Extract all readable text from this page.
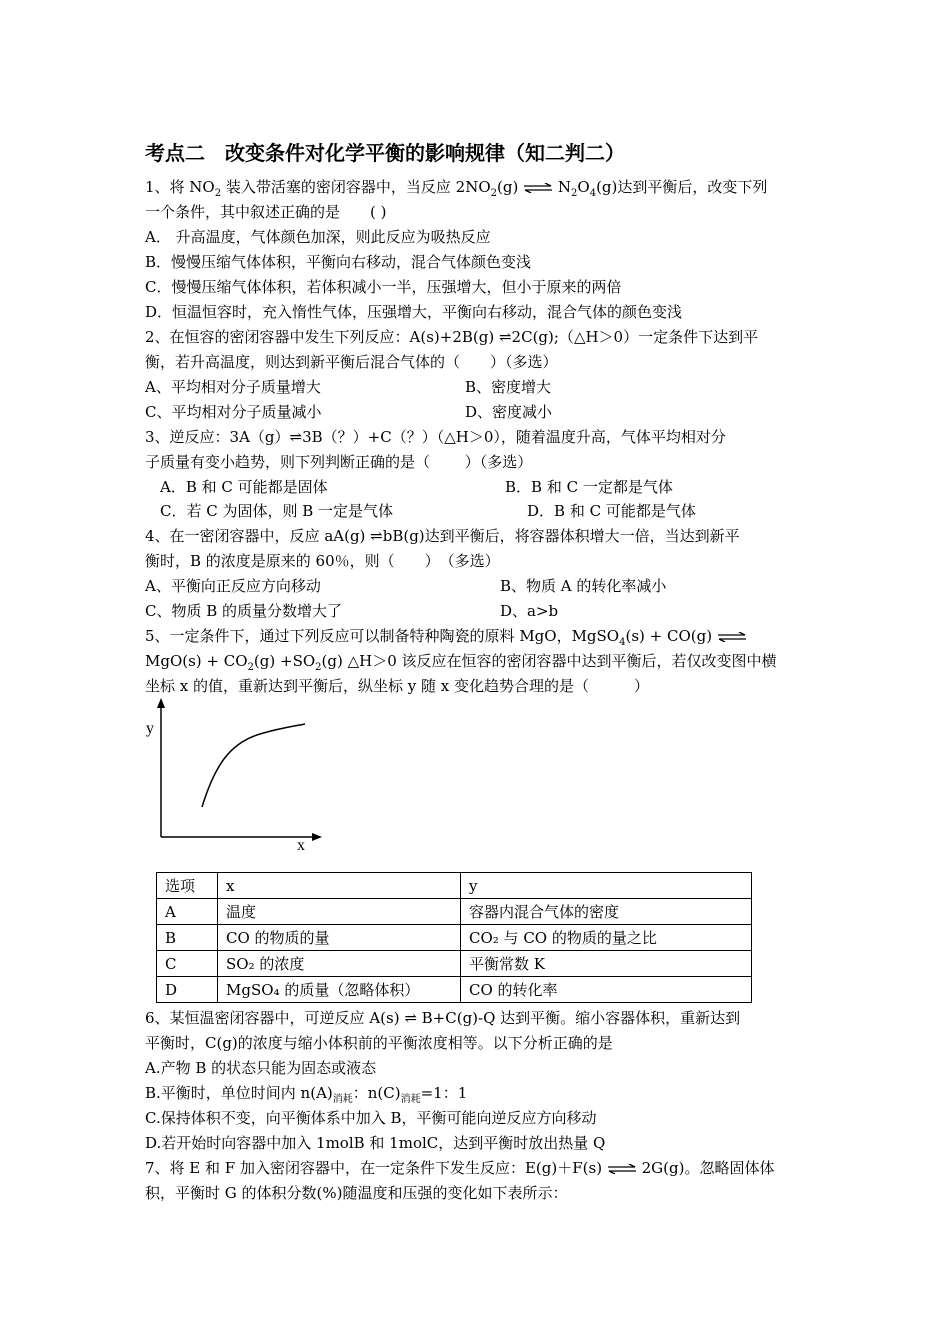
考点二　改变条件对化学平衡的影响规律（知二判二）
1、将 $NO_2$ 装入带活塞的密闭容器中，当反应 $2NO_2(g)$ ⇌ $N_2O_4(g)$达到平衡后，改变下列
一个条件，其中叙述正确的是　　( )
A． 升高温度，气体颜色加深，则此反应为吸热反应
B．慢慢压缩气体体积，平衡向右移动，混合气体颜色变浅
C．慢慢压缩气体体积，若体积减小一半，压强增大，但小于原来的两倍
D．恒温恒容时，充入惰性气体，压强增大，平衡向右移动，混合气体的颜色变浅
2、在恒容的密闭容器中发生下列反应：A(s)+2B(g) ⇌2C(g);（△H＞0）一定条件下达到平
衡，若升高温度，则达到新平衡后混合气体的（　　）（多选）
A、平均相对分子质量增大	B、密度增大
C、平均相对分子质量减小	D、密度减小
3、逆反应：3A（g）⇌3B（？）+C（？）（△H＞0），随着温度升高，气体平均相对分
子质量有变小趋势，则下列判断正确的是（　　 ）（多选）
A．B 和 C 可能都是固体	B．B 和 C 一定都是气体
C．若 C 为固体，则 B 一定是气体	D．B 和 C 可能都是气体
4、在一密闭容器中，反应 aA(g) ⇌bB(g)达到平衡后，将容器体积增大一倍，当达到新平
衡时，B 的浓度是原来的 60％，则（　　）　（多选）
A、平衡向正反应方向移动	B、物质 A 的转化率减小
C、物质 B 的质量分数增大了	D、a>b
5、一定条件下，通过下列反应可以制备特种陶瓷的原料 MgO，MgSO$_4$(s) + CO(g) ⇌
$MgO(s) + CO_2(g) +SO_2(g)$ △H＞0 该反应在恒容的密闭容器中达到平衡后，若仅改变图中横
坐标 x 的值，重新达到平衡后，纵坐标 y 随 x 变化趋势合理的是（　　　）
y
x
选项	x	y
A	温度	容器内混合气体的密度
B	CO 的物质的量	CO₂ 与 CO 的物质的量之比
C	SO₂ 的浓度	平衡常数 K
D	MgSO₄ 的质量（忽略体积）	CO 的转化率
6、某恒温密闭容器中，可逆反应 A(s) ⇌ B+C(g)-Q 达到平衡。缩小容器体积，重新达到
平衡时，C(g)的浓度与缩小体积前的平衡浓度相等。以下分析正确的是
A.产物 B 的状态只能为固态或液态
B.平衡时，单位时间内 $n(A)_{消耗}$：$n(C)_{消耗}=1$：1
C.保持体积不变，向平衡体系中加入 B，平衡可能向逆反应方向移动
D.若开始时向容器中加入 1molB 和 1molC，达到平衡时放出热量 Q
7、将 E 和 F 加入密闭容器中，在一定条件下发生反应：E(g)＋F(s) ⇌ 2G(g)。忽略固体体
积，平衡时 G 的体积分数(%)随温度和压强的变化如下表所示：
